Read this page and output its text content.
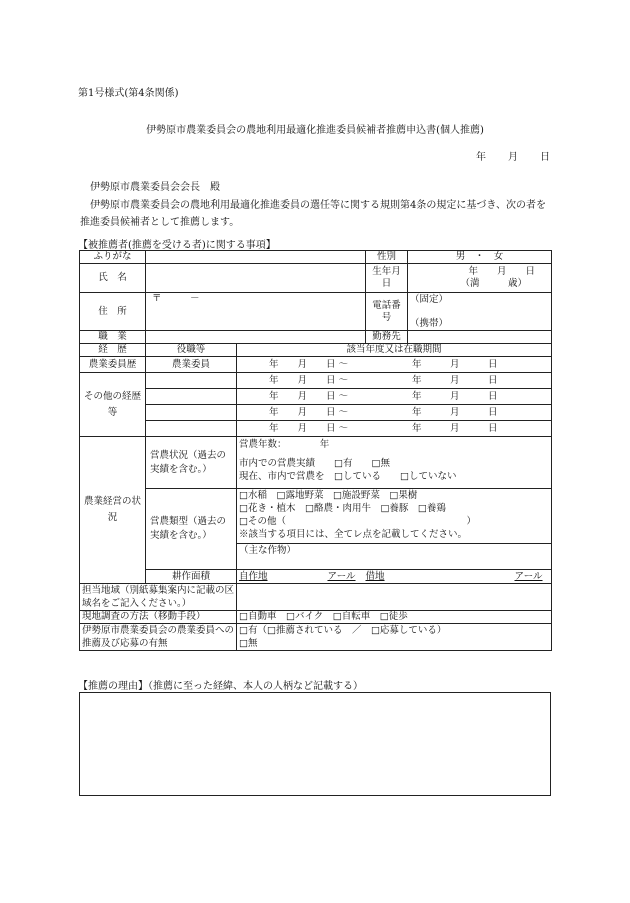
第1号様式(第4条関係)
伊勢原市農業委員会の農地利用最適化推進委員候補者推薦申込書(個人推薦)
年 月 日
伊勢原市農業委員会会長　殿
伊勢原市農業委員会の農地利用最適化推進委員の選任等に関する規則第4条の規定に基づき、次の者を推進委員候補者として推薦します。
【被推薦者(推薦を受ける者)に関する事項】
ふりがな			性別	男　・　女
氏　名			生年月日	年　　月　　日
（満　　　歳）

住　所	〒　　　－		電話番号	（固定）
（携帯）

職　業			勤務先	
経　歴	役職等	該当年度又は在職期間		
農業委員歴	農業委員	年　　月　　日 ～ 年　　　月　　　日		
その他の経歴等		年　　月　　日 ～ 年　　　月　　　日		
		年　　月　　日 ～ 年　　　月　　　日		
		年　　月　　日 ～ 年　　　月　　　日		
		年　　月　　日 ～ 年　　　月　　　日		
農業経営の状況	営農状況（過去の実績を含む。）	営農年数：　　　　年
市内での営農実績　　□有　　□無
現在、市内で営農を　□している　　□していない		

	営農類型（過去の実績を含む。）	□水稲　□露地野菜　□施設野菜　□果樹
□花き・植木　□酪農・肉用牛　□養豚　□養鶏
□その他（　　　　　　　　　　　　　　　　　　　）
※該当する項目には、全てレ点を記載してください。
（主な作物）		

	耕作面積	自作地 アール 借地 アール		
担当地域（別紙募集案内に記載の区域名をご記入ください。）				
現地調査の方法（移動手段）		□自動車　□バイク　□自転車　□徒歩		
伊勢原市農業委員会の農業委員への推薦及び応募の有無		□有（□推薦されている　／　□応募している）
□無		
【推薦の理由】（推薦に至った経緯、本人の人柄など記載する）
